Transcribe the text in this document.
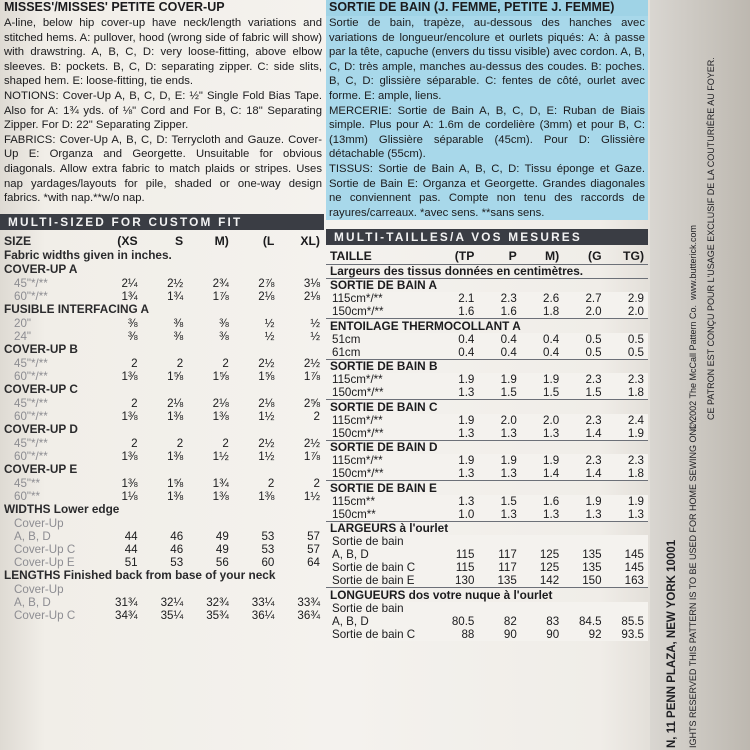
MISSES'/MISSES' PETITE COVER-UP
A-line, below hip cover-up have neck/length variations and stitched hems. A: pullover, hood (wrong side of fabric will show) with drawstring. A, B, C, D: very loose-fitting, above elbow sleeves. B: pockets. B, C, D: separating zipper. C: side slits, shaped hem. E: loose-fitting, tie ends.
NOTIONS: Cover-Up A, B, C, D, E: ½" Single Fold Bias Tape. Also for A: 1¾ yds. of ⅛" Cord and For B, C: 18" Separating Zipper. For D: 22" Separating Zipper.
FABRICS: Cover-Up A, B, C, D: Terrycloth and Gauze. Cover-Up E: Organza and Georgette. Unsuitable for obvious diagonals. Allow extra fabric to match plaids or stripes. Uses nap yardages/layouts for pile, shaded or one-way design fabrics. *with nap.**w/o nap.
MULTI-SIZED FOR CUSTOM FIT
SIZE	(XS	S	M)	(L	XL)
Fabric widths given in inches.					
COVER-UP A					
45"*/**	2¼	2½	2¾	2⅞	3⅛
60"*/**	1¾	1¾	1⅞	2⅛	2⅛
FUSIBLE INTERFACING A					
20"	⅜	⅜	⅜	½	½
24"	⅜	⅜	⅜	½	½
COVER-UP B					
45"*/**	2	2	2	2½	2½
60"*/**	1⅜	1⅝	1⅝	1⅝	1⅞
COVER-UP C					
45"*/**	2	2⅛	2⅛	2⅛	2⅝
60"*/**	1⅜	1⅜	1⅜	1½	2
COVER-UP D					
45"*/**	2	2	2	2½	2½
60"*/**	1⅜	1⅜	1½	1½	1⅞
COVER-UP E					
45"**	1⅜	1⅝	1¾	2	2
60"**	1⅛	1⅜	1⅜	1⅜	1½
WIDTHS Lower edge					
Cover-Up					
A, B, D	44	46	49	53	57
Cover-Up C	44	46	49	53	57
Cover-Up E	51	53	56	60	64
LENGTHS Finished back from base of your neck					
Cover-Up					
A, B, D	31¾	32¼	32¾	33¼	33¾
Cover-Up C	34¾	35¼	35¾	36¼	36¾
SORTIE DE BAIN (J. FEMME, PETITE J. FEMME)
Sortie de bain, trapèze, au-dessous des hanches avec variations de longueur/encolure et ourlets piqués: A: à passe par la tête, capuche (envers du tissu visible) avec cordon. A, B, C, D: très ample, manches au-dessus des coudes. B: poches. B, C, D: glissière séparable. C: fentes de côté, ourlet avec forme. E: ample, liens.
MERCERIE: Sortie de Bain A, B, C, D, E: Ruban de Biais simple. Plus pour A: 1.6m de cordelière (3mm) et pour B, C: (13mm) Glissière séparable (45cm). Pour D: Glissière détachable (55cm).
TISSUS: Sortie de Bain A, B, C, D: Tissu éponge et Gaze. Sortie de Bain E: Organza et Georgette. Grandes diagonales ne conviennent pas. Compte non tenu des raccords de rayures/carreaux. *avec sens. **sans sens.
MULTI-TAILLES/A VOS MESURES
TAILLE	(TP	P	M)	(G	TG)
Largeurs des tissus données en centimètres.					
SORTIE DE BAIN A					
115cm*/**	2.1	2.3	2.6	2.7	2.9
150cm*/**	1.6	1.6	1.8	2.0	2.0
ENTOILAGE THERMOCOLLANT A					
51cm	0.4	0.4	0.4	0.5	0.5
61cm	0.4	0.4	0.4	0.5	0.5
SORTIE DE BAIN B					
115cm*/**	1.9	1.9	1.9	2.3	2.3
150cm*/**	1.3	1.5	1.5	1.5	1.8
SORTIE DE BAIN C					
115cm*/**	1.9	2.0	2.0	2.3	2.4
150cm*/**	1.3	1.3	1.3	1.4	1.9
SORTIE DE BAIN D					
115cm*/**	1.9	1.9	1.9	2.3	2.3
150cm*/**	1.3	1.3	1.4	1.4	1.8
SORTIE DE BAIN E					
115cm**	1.3	1.5	1.6	1.9	1.9
150cm**	1.0	1.3	1.3	1.3	1.3
LARGEURS à l'ourlet					
Sortie de bain					
A, B, D	115	117	125	135	145
Sortie de bain C	115	117	125	135	145
Sortie de bain E	130	135	142	150	163
LONGUEURS dos votre nuque à l'ourlet					
Sortie de bain					
A, B, D	80.5	82	83	84.5	85.5
Sortie de bain C	88	90	90	92	93.5 N, 11 PENN PLAZA, NEW YORK 10001 IGHTS RESERVED THIS PATTERN IS TO BE USED FOR HOME SEWING ONLY.
© 2002 The McCall Pattern Co.
www.butterick.com CE PATRON EST CONÇU POUR L'USAGE EXCLUSIF DE LA COUTURIÈRE AU FOYER.
